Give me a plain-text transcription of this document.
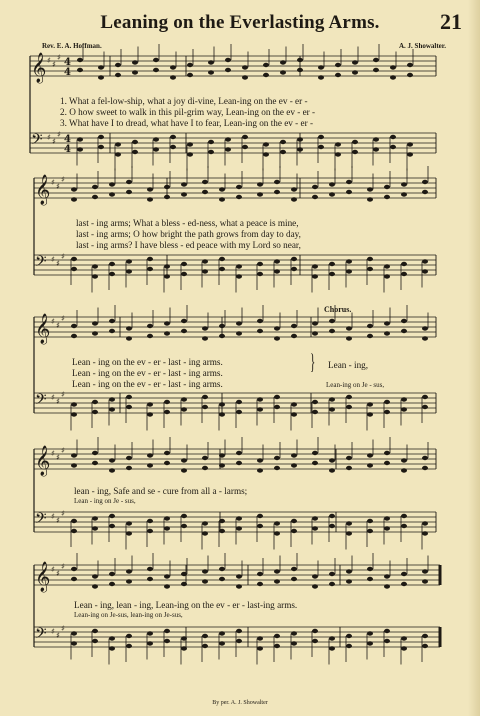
Leaning on the Everlasting Arms.	21
Rev. E. A. Hoffman.	A. J. Showalter.
𝄞 ♯ ♯
♯ 4
4
𝄢 ♯ ♯
♯ 4
4
𝄞 ♯ ♯
♯
𝄢 ♯ ♯
♯
𝄞 ♯ ♯
♯
𝄢 ♯ ♯
♯
𝄞 ♯ ♯
♯
𝄢 ♯ ♯
♯
𝄞 ♯ ♯
♯
𝄢 ♯ ♯
♯
1. What a fel-low-ship, what a joy di-vine, Lean-ing on the ev - er -
2. O how sweet to walk in this pil-grim way, Lean-ing on the ev - er -
3. What have I to dread, what have I to fear, Lean-ing on the ev - er -
last - ing arms; What a bless - ed-ness, what a peace is mine,
last - ing arms; O how bright the path grows from day to day,
last - ing arms? I have bless - ed peace with my Lord so near,
Chorus.
Lean - ing on the ev - er - last - ing arms.
Lean - ing on the ev - er - last - ing arms.
Lean - ing on the ev - er - last - ing arms.
} Lean - ing,
Lean-ing on Je - sus,
lean - ing, Safe and se - cure from all a - larms;
Lean - ing on Je - sus,
Lean - ing, lean - ing, Lean-ing on the ev - er - last-ing arms.
Lean-ing on Je-sus, lean-ing on Je-sus,
By per. A. J. Showalter
